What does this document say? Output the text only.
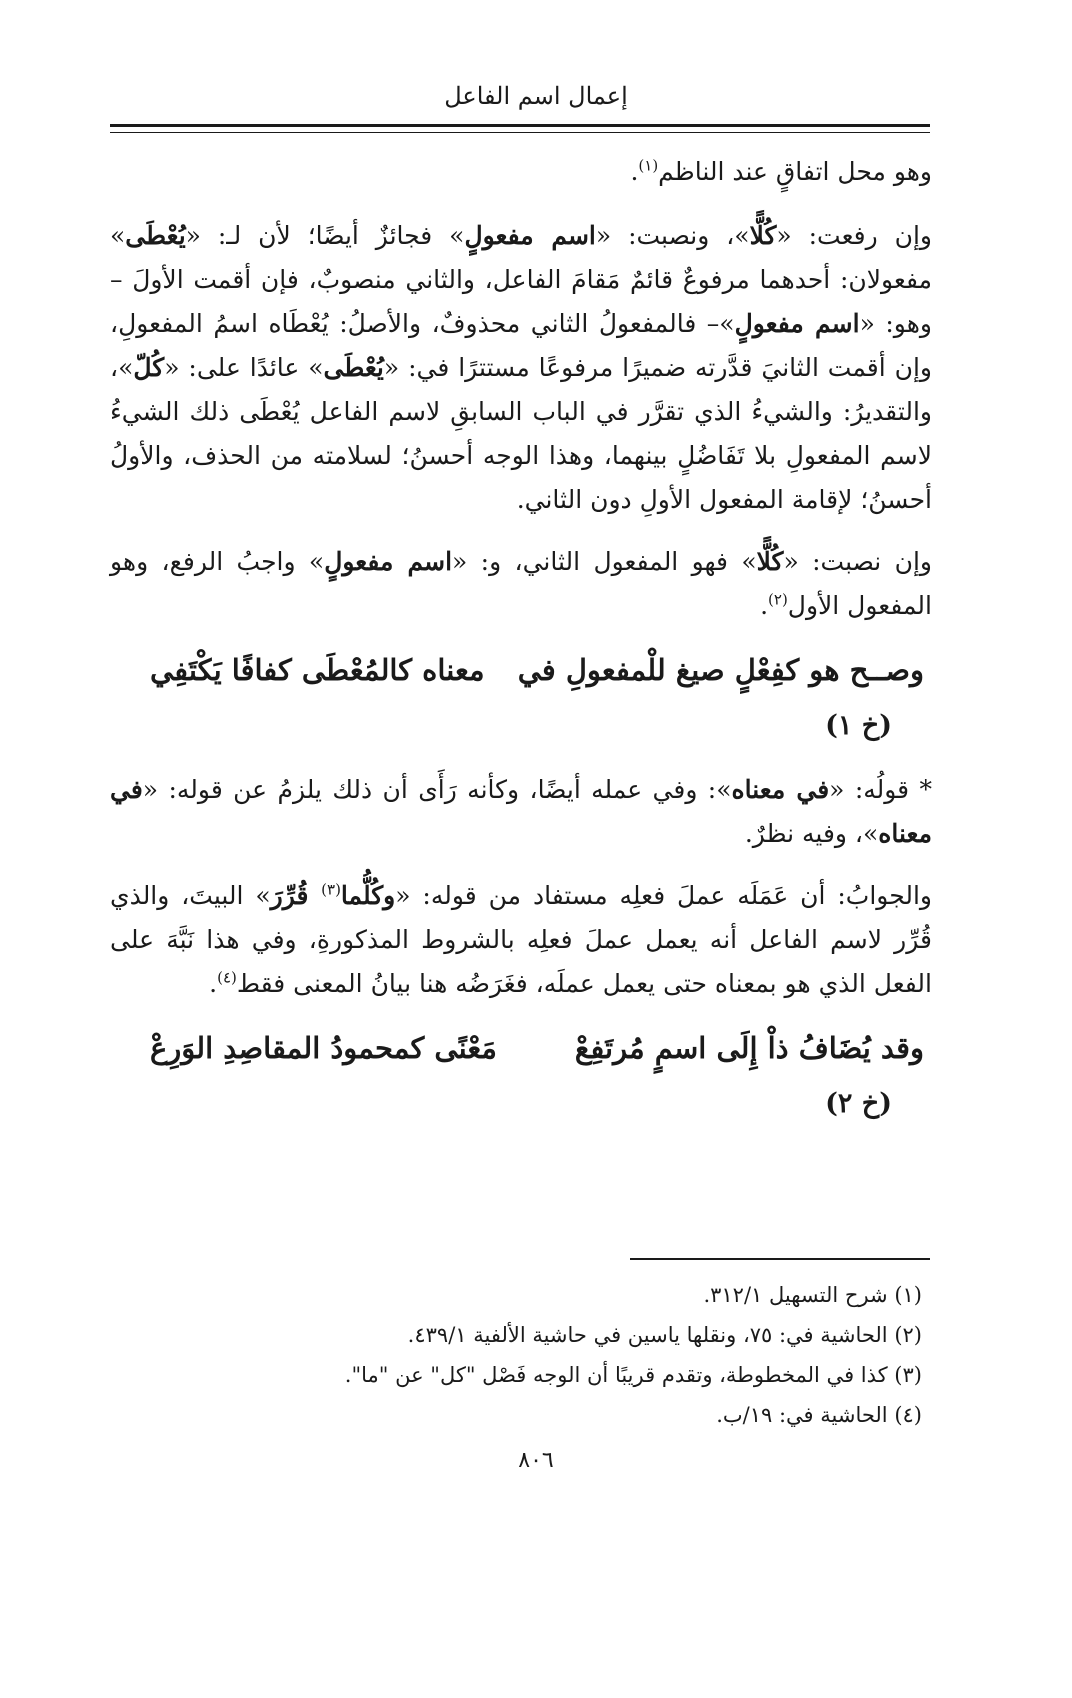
إعمال اسم الفاعل

وهو محل اتفاقٍ عند الناظم$^{(١)}$.

وإن رفعت: «كُلًّا»، ونصبت: «اسم مفعولٍ» فجائزٌ أيضًا؛ لأن لـ: «يُعْطَى» مفعولان: أحدهما مرفوعٌ قائمٌ مَقامَ الفاعل، والثاني منصوبٌ، فإن أقمت الأولَ –وهو: «اسم مفعولٍ»– فالمفعولُ الثاني محذوفٌ، والأصلُ: يُعْطَاه اسمُ المفعولِ، وإن أقمت الثانيَ قدَّرته ضميرًا مرفوعًا مستترًا في: «يُعْطَى» عائدًا على: «كُلّ»، والتقديرُ: والشيءُ الذي تقرَّر في الباب السابقِ لاسم الفاعل يُعْطَى ذلك الشيءُ لاسم المفعولِ بلا تَفَاضُلٍ بينهما، وهذا الوجه أحسنُ؛ لسلامته من الحذف، والأولُ أحسنُ؛ لإقامة المفعول الأولِ دون الثاني.

وإن نصبت: «كُلًّا» فهو المفعول الثاني، و: «اسم مفعولٍ» واجبُ الرفع، وهو المفعول الأول$^{(٢)}$.

وصــح هو كفِعْلٍ صيغ للْمفعولِ في
معناه كالمُعْطَى كفافًا يَكْتَفِي
(خ ١)

* قولُه: «في معناه»: وفي عمله أيضًا، وكأنه رَأَى أن ذلك يلزمُ عن قوله: «في معناه»، وفيه نظرٌ.

والجوابُ: أن عَمَلَه عملَ فعلِه مستفاد من قوله: «وكُلُّما$^{(٣)}$ قُرِّرَ» البيتَ، والذي قُرِّر لاسم الفاعل أنه يعمل عملَ فعلِه بالشروط المذكورةِ، وفي هذا نَبَّهَ على الفعل الذي هو بمعناه حتى يعمل عملَه، فغَرَضُه هنا بيانُ المعنى فقط$^{(٤)}$.

وقد يُضَافُ ذاْ إِلَى اسمٍ مُرتَفِعْ
مَعْنًى كمحمودُ المقاصِدِ الوَرِعْ
(خ ٢)

(١) شرح التسهيل ٣١٢/١.

(٢) الحاشية في: ٧٥، ونقلها ياسين في حاشية الألفية ٤٣٩/١.

(٣) كذا في المخطوطة، وتقدم قريبًا أن الوجه فَصْل "كل" عن "ما".

(٤) الحاشية في: ١٩/ب.

٨٠٦
